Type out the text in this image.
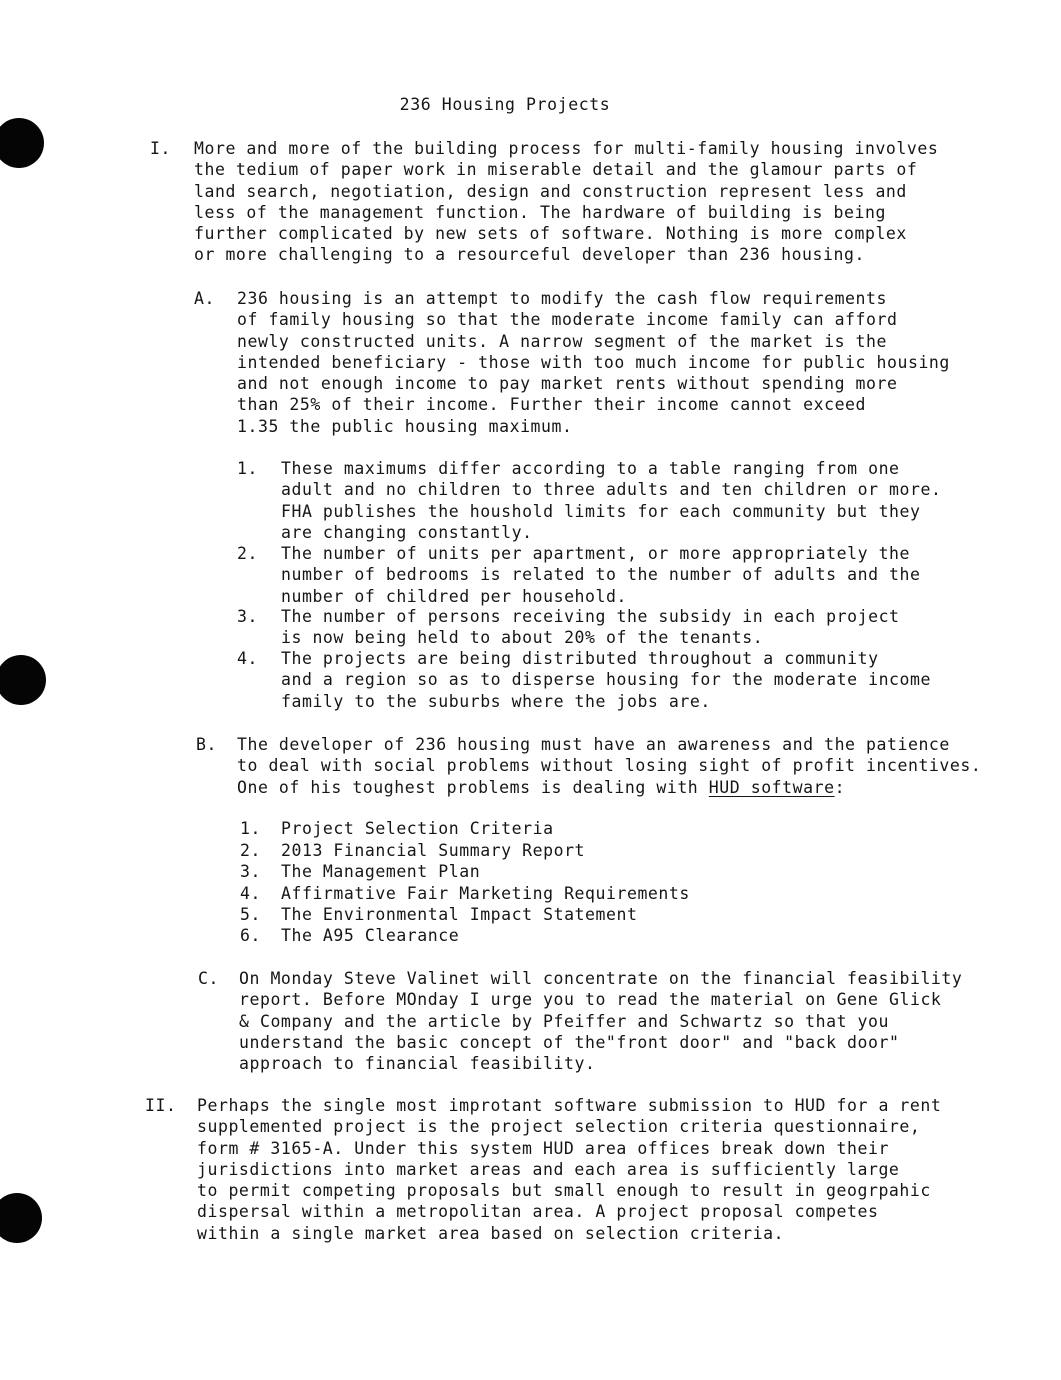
236 Housing Projects
I. More and more of the building process for multi-family housing involves
the tedium of paper work in miserable detail and the glamour parts of
land search, negotiation, design and construction represent less and
less of the management function. The hardware of building is being
further complicated by new sets of software. Nothing is more complex
or more challenging to a resourceful developer than 236 housing.
A. 236 housing is an attempt to modify the cash flow requirements
of family housing so that the moderate income family can afford
newly constructed units. A narrow segment of the market is the
intended beneficiary - those with too much income for public housing
and not enough income to pay market rents without spending more
than 25% of their income. Further their income cannot exceed
1.35 the public housing maximum.
1. These maximums differ according to a table ranging from one
adult and no children to three adults and ten children or more.
FHA publishes the houshold limits for each community but they
are changing constantly.
2. The number of units per apartment, or more appropriately the
number of bedrooms is related to the number of adults and the
number of childred per household.
3. The number of persons receiving the subsidy in each project
is now being held to about 20% of the tenants.
4. The projects are being distributed throughout a community
and a region so as to disperse housing for the moderate income
family to the suburbs where the jobs are.
B. The developer of 236 housing must have an awareness and the patience
to deal with social problems without losing sight of profit incentives.
One of his toughest problems is dealing with HUD software:
1. Project Selection Criteria
2. 2013 Financial Summary Report
3. The Management Plan
4. Affirmative Fair Marketing Requirements
5. The Environmental Impact Statement
6. The A95 Clearance
C. On Monday Steve Valinet will concentrate on the financial feasibility
report. Before MOnday I urge you to read the material on Gene Glick
& Company and the article by Pfeiffer and Schwartz so that you
understand the basic concept of the"front door" and "back door"
approach to financial feasibility.
II. Perhaps the single most improtant software submission to HUD for a rent
supplemented project is the project selection criteria questionnaire,
form # 3165-A. Under this system HUD area offices break down their
jurisdictions into market areas and each area is sufficiently large
to permit competing proposals but small enough to result in geogrpahic
dispersal within a metropolitan area. A project proposal competes
within a single market area based on selection criteria.
